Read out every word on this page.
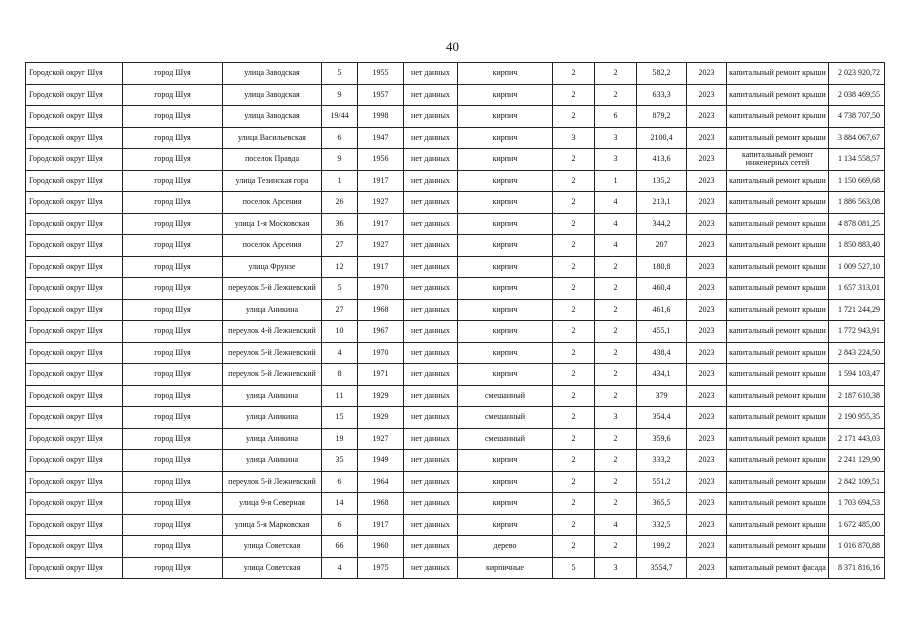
40
Городской округ Шуя	город Шуя	улица Заводская	5	1955	нет данных	кирпич	2	2	582,2	2023	капитальный ремонт крыши	2 023 920,72
Городской округ Шуя	город Шуя	улица Заводская	9	1957	нет данных	кирпич	2	2	633,3	2023	капитальный ремонт крыши	2 038 469,55
Городской округ Шуя	город Шуя	улица Заводская	19/44	1998	нет данных	кирпич	2	6	879,2	2023	капитальный ремонт крыши	4 738 707,50
Городской округ Шуя	город Шуя	улица Васильевская	6	1947	нет данных	кирпич	3	3	2100,4	2023	капитальный ремонт крыши	3 884 067,67
Городской округ Шуя	город Шуя	поселок Правда	9	1956	нет данных	кирпич	2	3	413,6	2023	капитальный ремонт инженерных сетей	1 134 558,57
Городской округ Шуя	город Шуя	улица Тезинская гора	1	1917	нет данных	кирпич	2	1	135,2	2023	капитальный ремонт крыши	1 150 669,68
Городской округ Шуя	город Шуя	поселок Арсения	26	1927	нет данных	кирпич	2	4	213,1	2023	капитальный ремонт крыши	1 886 563,08
Городской округ Шуя	город Шуя	улица 1-я Московская	36	1917	нет данных	кирпич	2	4	344,2	2023	капитальный ремонт крыши	4 878 081,25
Городской округ Шуя	город Шуя	поселок Арсения	27	1927	нет данных	кирпич	2	4	207	2023	капитальный ремонт крыши	1 850 883,40
Городской округ Шуя	город Шуя	улица Фрунзе	12	1917	нет данных	кирпич	2	2	180,8	2023	капитальный ремонт крыши	1 009 527,10
Городской округ Шуя	город Шуя	переулок 5-й Лежневский	5	1970	нет данных	кирпич	2	2	460,4	2023	капитальный ремонт крыши	1 657 313,01
Городской округ Шуя	город Шуя	улица Аникина	27	1968	нет данных	кирпич	2	2	461,6	2023	капитальный ремонт крыши	1 721 244,29
Городской округ Шуя	город Шуя	переулок 4-й Лежневский	10	1967	нет данных	кирпич	2	2	455,1	2023	капитальный ремонт крыши	1 772 943,91
Городской округ Шуя	город Шуя	переулок 5-й Лежневский	4	1970	нет данных	кирпич	2	2	438,4	2023	капитальный ремонт крыши	2 843 224,50
Городской округ Шуя	город Шуя	переулок 5-й Лежневский	8	1971	нет данных	кирпич	2	2	434,1	2023	капитальный ремонт крыши	1 594 103,47
Городской округ Шуя	город Шуя	улица Аникина	11	1929	нет данных	смешанный	2	2	379	2023	капитальный ремонт крыши	2 187 610,38
Городской округ Шуя	город Шуя	улица Аникина	15	1929	нет данных	смешанный	2	3	354,4	2023	капитальный ремонт крыши	2 190 955,35
Городской округ Шуя	город Шуя	улица Аникина	19	1927	нет данных	смешанный	2	2	359,6	2023	капитальный ремонт крыши	2 171 443,03
Городской округ Шуя	город Шуя	улица Аникина	35	1949	нет данных	кирпич	2	2	333,2	2023	капитальный ремонт крыши	2 241 129,90
Городской округ Шуя	город Шуя	переулок 5-й Лежневский	6	1964	нет данных	кирпич	2	2	551,2	2023	капитальный ремонт крыши	2 842 109,51
Городской округ Шуя	город Шуя	улица 9-я Северная	14	1968	нет данных	кирпич	2	2	365,5	2023	капитальный ремонт крыши	1 703 694,53
Городской округ Шуя	город Шуя	улица 5-я Марковская	6	1917	нет данных	кирпич	2	4	332,5	2023	капитальный ремонт крыши	1 672 485,00
Городской округ Шуя	город Шуя	улица Советская	66	1960	нет данных	дерево	2	2	199,2	2023	капитальный ремонт крыши	1 016 870,88
Городской округ Шуя	город Шуя	улица Советская	4	1975	нет данных	кирпичные	5	3	3554,7	2023	капитальный ремонт фасада	8 371 816,16
